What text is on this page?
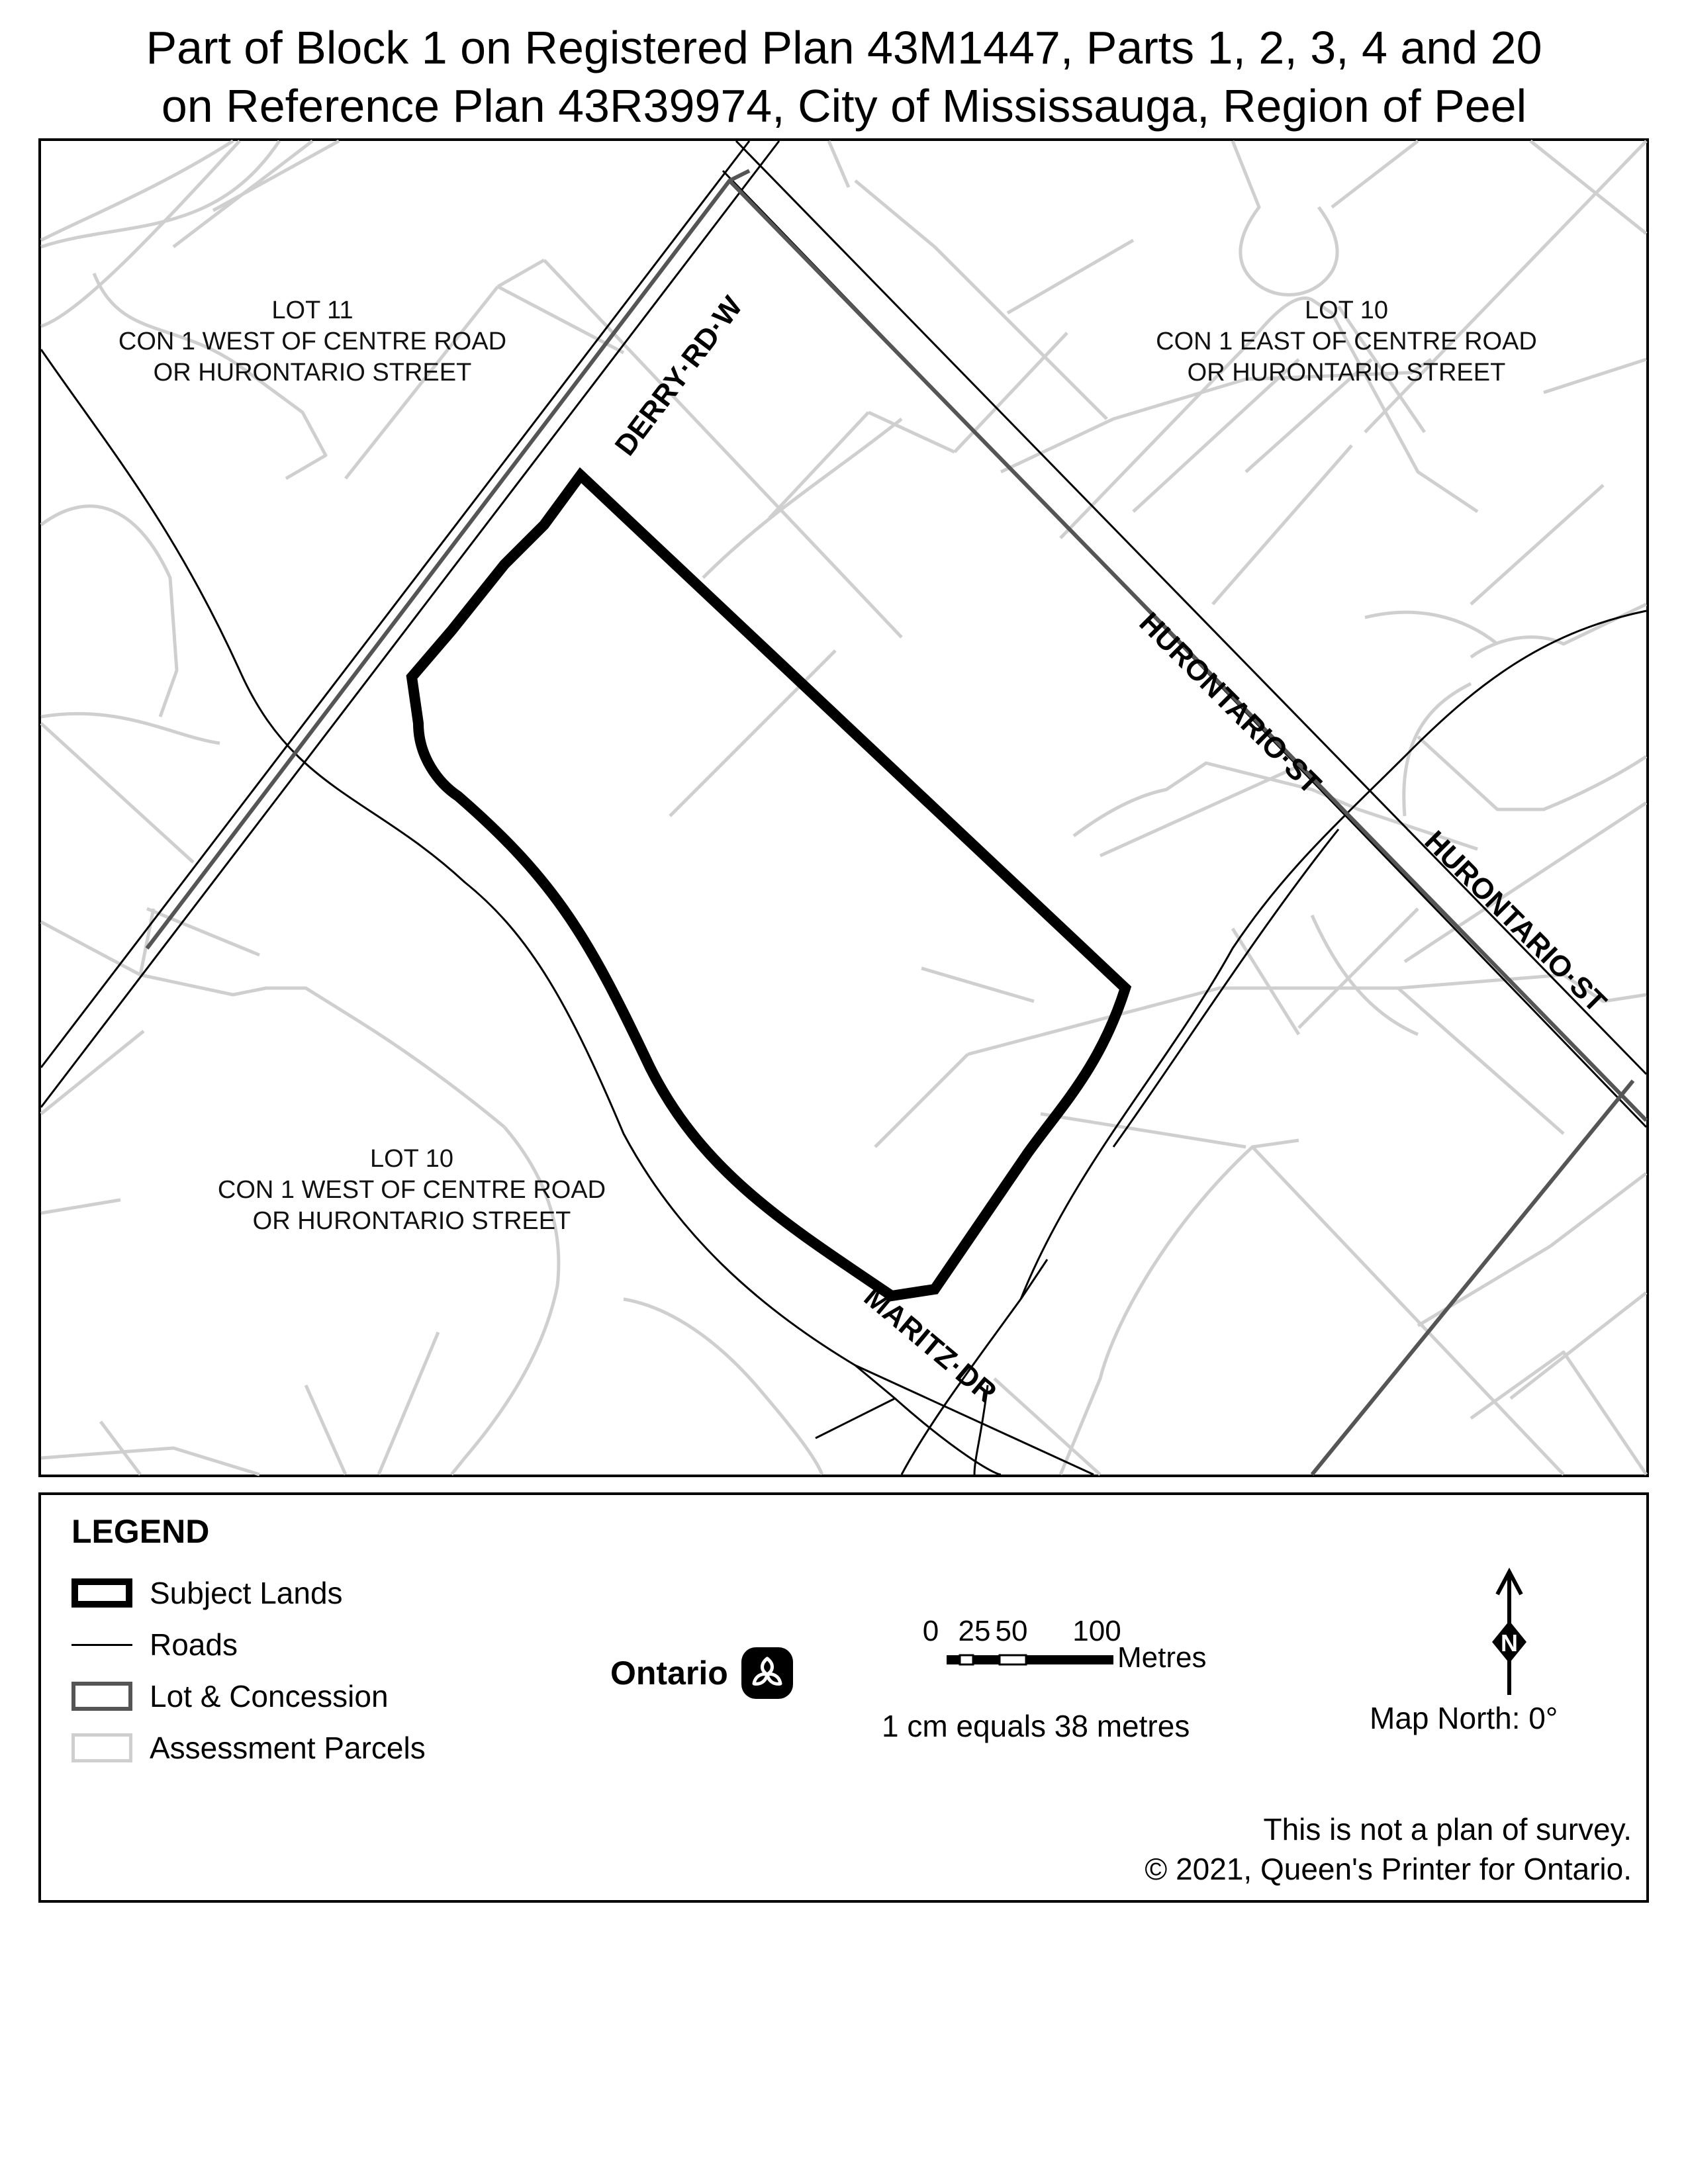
Part of Block 1 on Registered Plan 43M1447, Parts 1, 2, 3, 4 and 20
on Reference Plan 43R39974, City of Mississauga, Region of Peel
LOT 11
CON 1 WEST OF CENTRE ROAD
OR HURONTARIO STREET
LOT 10
CON 1 EAST OF CENTRE ROAD
OR HURONTARIO STREET
LOT 10
CON 1 WEST OF CENTRE ROAD
OR HURONTARIO STREET
DERRY·RD·W
HURONTARIO·ST
HURONTARIO·ST
MARITZ·DR
LEGEND
Subject Lands
Roads
Lot & Concession
Assessment Parcels
Ontario
0 25 50 100
Metres
1 cm equals 38 metres
N
Map North: 0°
This is not a plan of survey.
© 2021, Queen's Printer for Ontario.
